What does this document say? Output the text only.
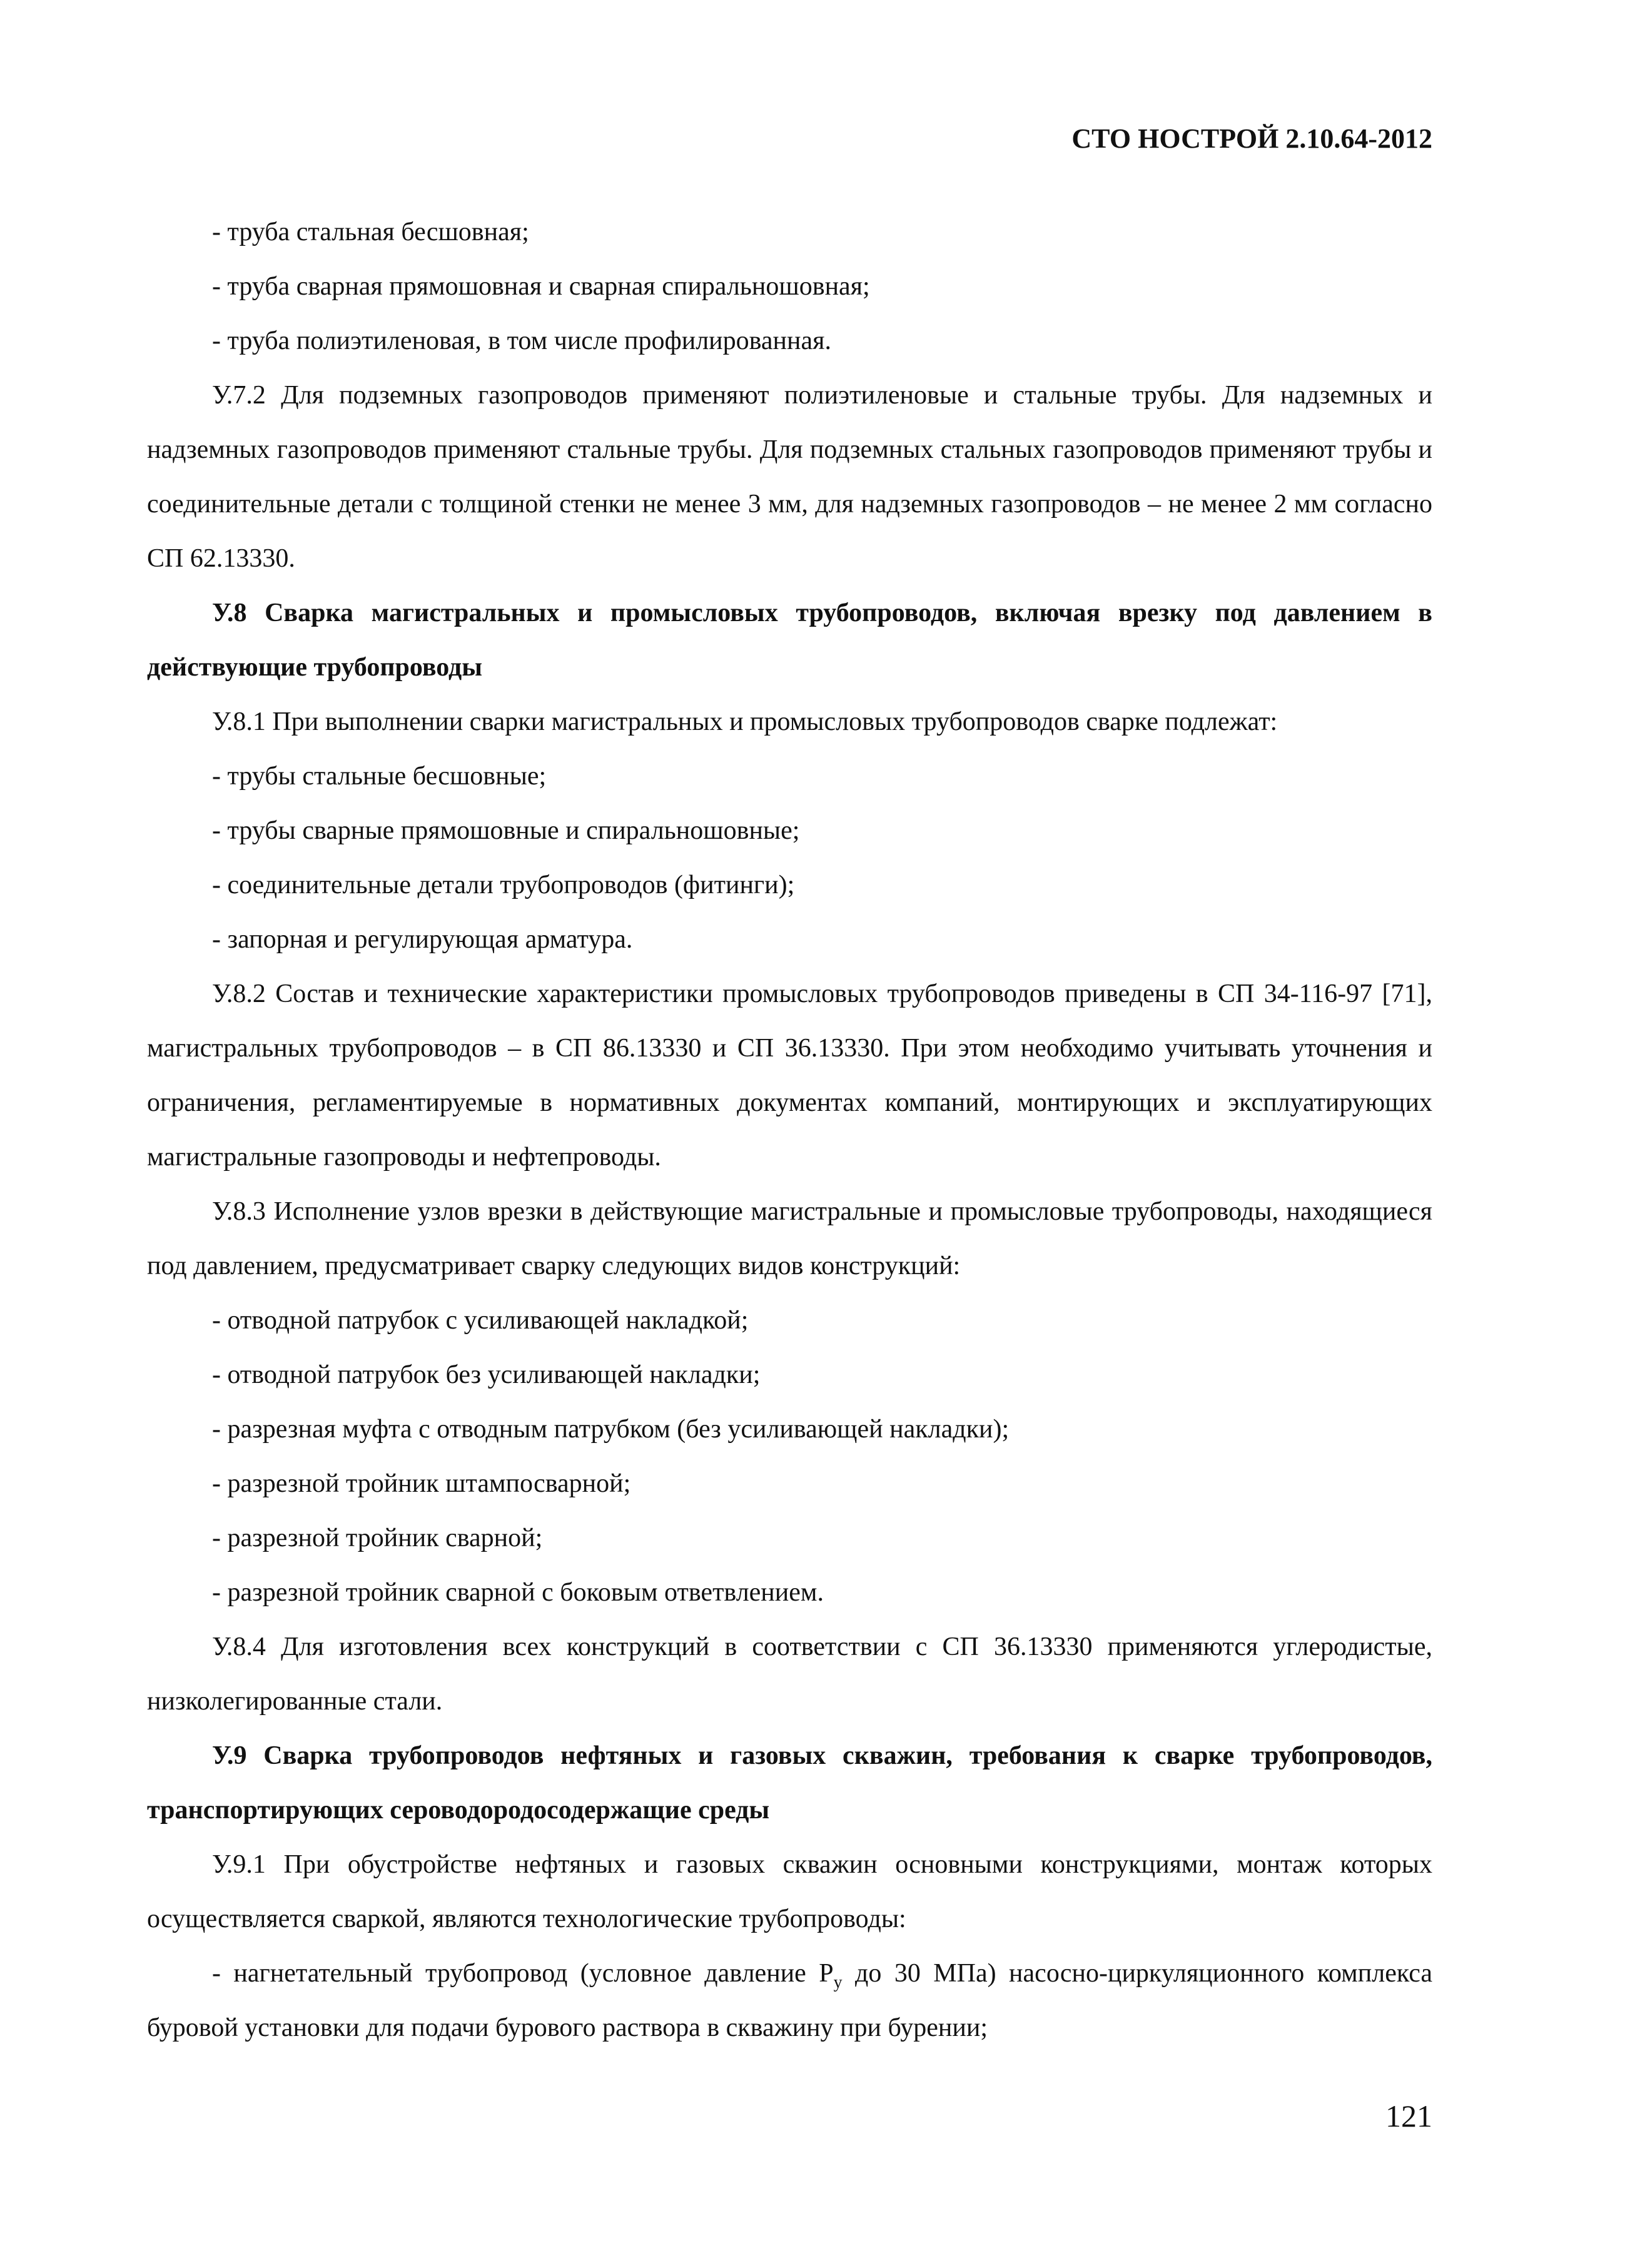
СТО НОСТРОЙ 2.10.64-2012

- труба стальная бесшовная;

- труба сварная прямошовная и сварная спиральношовная;

- труба полиэтиленовая, в том числе профилированная.

У.7.2 Для подземных газопроводов применяют полиэтиленовые и стальные трубы. Для надземных и надземных газопроводов применяют стальные трубы. Для подземных стальных газопроводов применяют трубы и соединительные детали с толщиной стенки не менее 3 мм, для надземных газопроводов – не менее 2 мм согласно СП 62.13330.

У.8 Сварка магистральных и промысловых трубопроводов, включая врезку под давлением в действующие трубопроводы

У.8.1 При выполнении сварки магистральных и промысловых трубопроводов сварке подлежат:

- трубы стальные бесшовные;

- трубы сварные прямошовные и спиральношовные;

- соединительные детали трубопроводов (фитинги);

- запорная и регулирующая арматура.

У.8.2 Состав и технические характеристики промысловых трубопроводов приведены в СП 34-116-97 [71], магистральных трубопроводов – в СП 86.13330 и СП 36.13330. При этом необходимо учитывать уточнения и ограничения, регламентируемые в нормативных документах компаний, монтирующих и эксплуатирующих магистральные газопроводы и нефтепроводы.

У.8.3 Исполнение узлов врезки в действующие магистральные и промысловые трубопроводы, находящиеся под давлением, предусматривает сварку следующих видов конструкций:

- отводной патрубок с усиливающей накладкой;

- отводной патрубок без усиливающей накладки;

- разрезная муфта с отводным патрубком (без усиливающей накладки);

- разрезной тройник штампосварной;

- разрезной тройник сварной;

- разрезной тройник сварной с боковым ответвлением.

У.8.4 Для изготовления всех конструкций в соответствии с СП 36.13330 применяются углеродистые, низколегированные стали.

У.9 Сварка трубопроводов нефтяных и газовых скважин, требования к сварке трубопроводов, транспортирующих сероводородосодержащие среды

У.9.1 При обустройстве нефтяных и газовых скважин основными конструкциями, монтаж которых осуществляется сваркой, являются технологические трубопроводы:

- нагнетательный трубопровод (условное давление $Р_у$ до 30 МПа) насосно-циркуляционного комплекса буровой установки для подачи бурового раствора в скважину при бурении;

121
